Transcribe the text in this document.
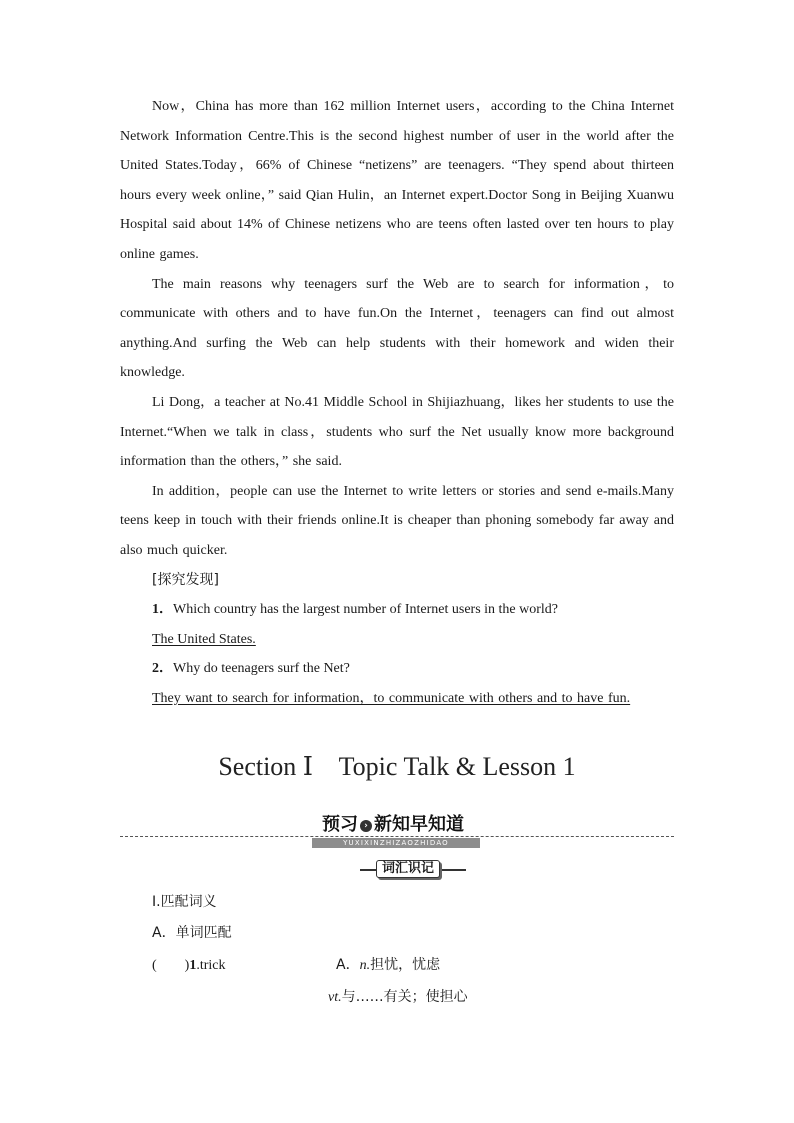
Now，China has more than 162 million Internet users，according to the China Internet Network Information Centre.This is the second highest number of user in the world after the United States.Today，66% of Chinese “netizens” are teenagers. “They spend about thirteen hours every week online，” said Qian Hulin，an Internet expert.Doctor Song in Beijing Xuanwu Hospital said about 14% of Chinese netizens who are teens often lasted over ten hours to play online games.

The main reasons why teenagers surf the Web are to search for information，to communicate with others and to have fun.On the Internet，teenagers can find out almost anything.And surfing the Web can help students with their homework and widen their knowledge.

Li Dong，a teacher at No.41 Middle School in Shijiazhuang，likes her students to use the Internet.“When we talk in class，students who surf the Net usually know more background information than the others，” she said.

In addition，people can use the Internet to write letters or stories and send e-mails.Many teens keep in touch with their friends online.It is cheaper than phoning somebody far away and also much quicker.

[探究发现]

1．Which country has the largest number of Internet users in the world?

The United States.

2．Why do teenagers surf the Net?

They want to search for information，to communicate with others and to have fun.

Section Ⅰ    Topic Talk & Lesson 1
预习 › 新知早知道
YUXIXINZHIZAOZHIDAO
词汇识记
Ⅰ.匹配词义
A．单词匹配
(　　)1.trick	A．n.担忧，忧虑
vt.与……有关；使担心
